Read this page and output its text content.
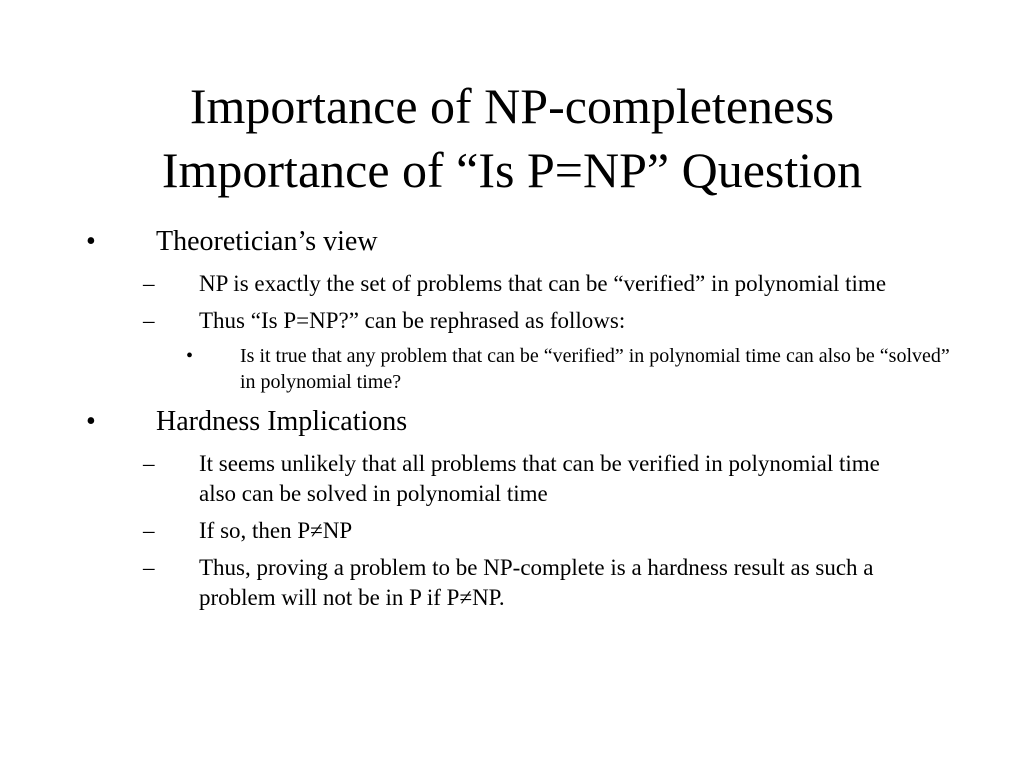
Importance of NP-completeness
Importance of “Is P=NP” Question
•	Theoretician’s view
–	NP is exactly the set of problems that can be “verified” in polynomial time
–	Thus “Is P=NP?” can be rephrased as follows:
•	Is it true that any problem that can be “verified” in polynomial time can also be “solved” in polynomial time?
•	Hardness Implications
–	It seems unlikely that all problems that can be verified in polynomial time also can be solved in polynomial time
–	If so, then P≠NP
–	Thus, proving a problem to be NP-complete is a hardness result as such a problem will not be in P if P≠NP.
